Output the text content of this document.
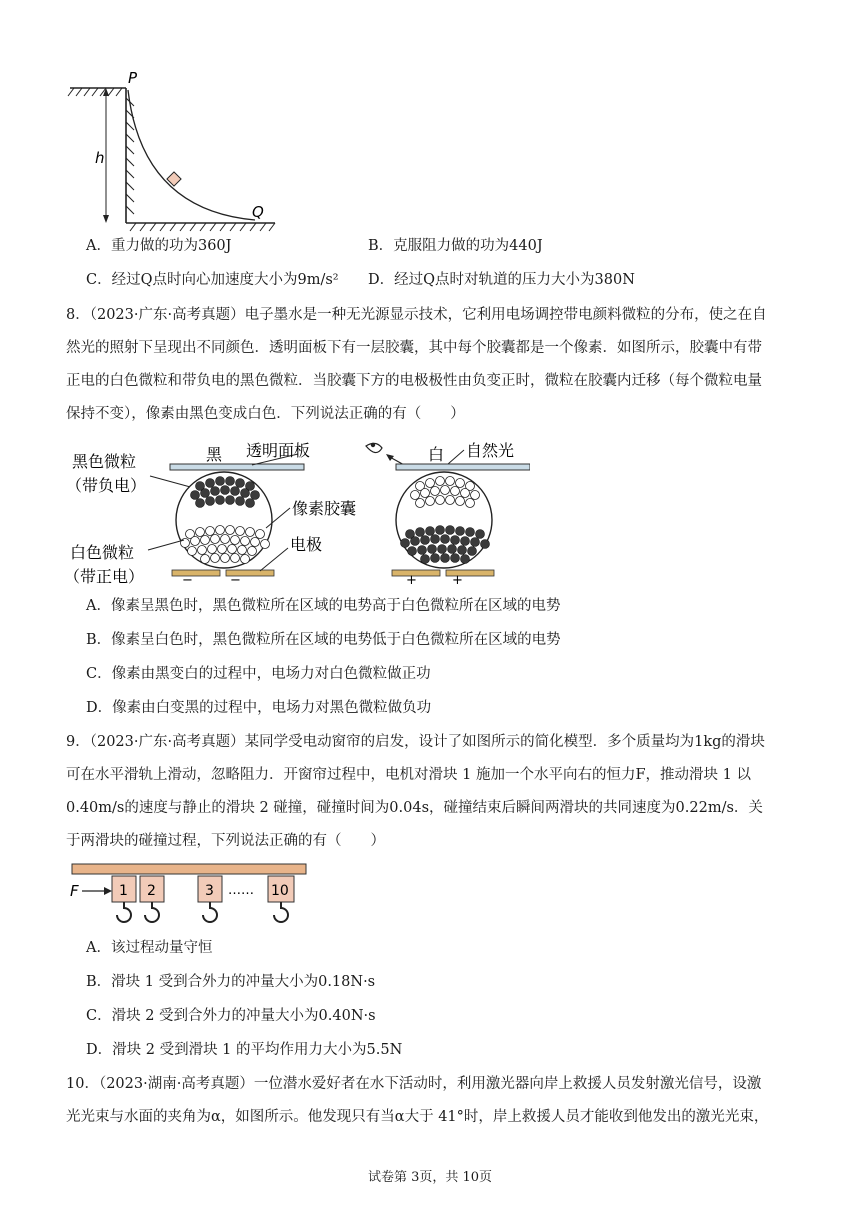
h
P
Q
A．重力做的功为360J	B．克服阻力做的功为440J
C．经过Q点时向心加速度大小为9m/s² D．经过Q点时对轨道的压力大小为380N
8．（2023·广东·高考真题）电子墨水是一种无光源显示技术，它利用电场调控带电颜料微粒的分布，使之在自
然光的照射下呈现出不同颜色．透明面板下有一层胶囊，其中每个胶囊都是一个像素．如图所示，胶囊中有带
正电的白色微粒和带负电的黑色微粒．当胶囊下方的电极极性由负变正时，微粒在胶囊内迁移（每个微粒电量
保持不变），像素由黑色变成白色．下列说法正确的有（　　）
黑 透明面板
黑色微粒
（带负电）
−	−
像素胶囊
电极
白色微粒
（带正电）
白 自然光
+	+
A．像素呈黑色时，黑色微粒所在区域的电势高于白色微粒所在区域的电势
B．像素呈白色时，黑色微粒所在区域的电势低于白色微粒所在区域的电势
C．像素由黑变白的过程中，电场力对白色微粒做正功
D．像素由白变黑的过程中，电场力对黑色微粒做负功
9．（2023·广东·高考真题）某同学受电动窗帘的启发，设计了如图所示的简化模型．多个质量均为1kg的滑块
可在水平滑轨上滑动，忽略阻力．开窗帘过程中，电机对滑块 1 施加一个水平向右的恒力F，推动滑块 1 以
0.40m/s的速度与静止的滑块 2 碰撞，碰撞时间为0.04s，碰撞结束后瞬间两滑块的共同速度为0.22m/s．关
于两滑块的碰撞过程，下列说法正确的有（　　）
F	1 2	3 …… 10
A．该过程动量守恒
B．滑块 1 受到合外力的冲量大小为0.18N·s
C．滑块 2 受到合外力的冲量大小为0.40N·s
D．滑块 2 受到滑块 1 的平均作用力大小为5.5N
10．（2023·湖南·高考真题）一位潜水爱好者在水下活动时，利用激光器向岸上救援人员发射激光信号，设激
光光束与水面的夹角为α，如图所示。他发现只有当α大于 41°时，岸上救援人员才能收到他发出的激光光束，
试卷第 3页，共 10页
